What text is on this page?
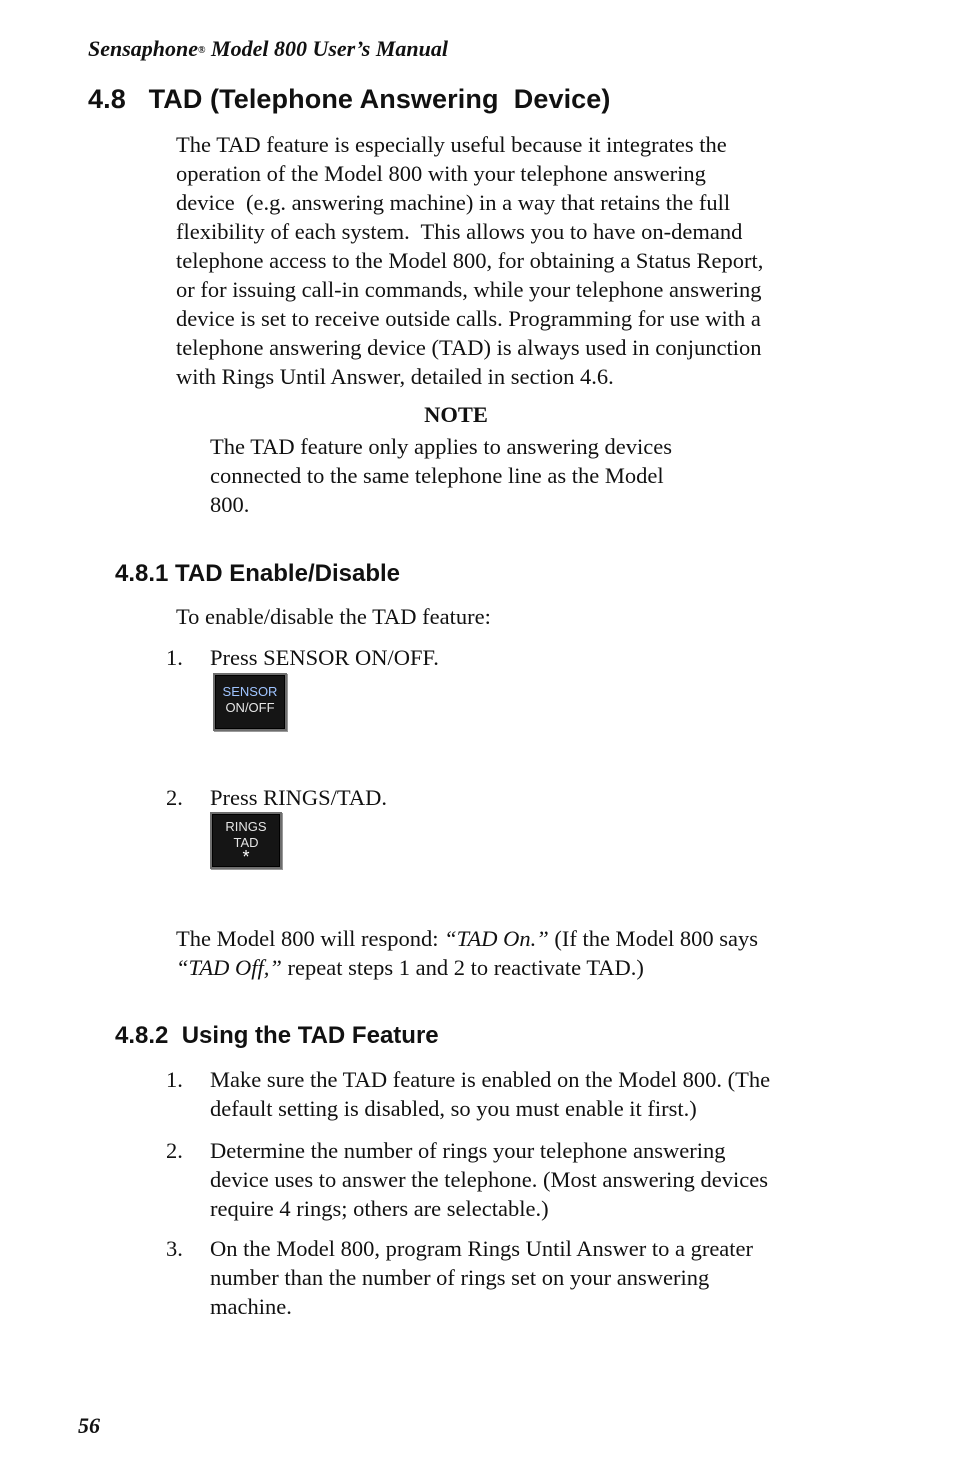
Sensaphone® Model 800 User’s Manual
4.8   TAD (Telephone Answering  Device)
The TAD feature is especially useful because it integrates the
operation of the Model 800 with your telephone answering
device  (e.g. answering machine) in a way that retains the full
flexibility of each system.  This allows you to have on-demand
telephone access to the Model 800, for obtaining a Status Report,
or for issuing call-in commands, while your telephone answering
device is set to receive outside calls. Programming for use with a
telephone answering device (TAD) is always used in conjunction
with Rings Until Answer, detailed in section 4.6.
NOTE
The TAD feature only applies to answering devices
connected to the same telephone line as the Model
800.
4.8.1 TAD Enable/Disable
To enable/disable the TAD feature:
1. Press SENSOR ON/OFF.
SENSOR
ON/OFF
2. Press RINGS/TAD.
RINGS
TAD
*
The Model 800 will respond: “TAD On.” (If the Model 800 says
“TAD Off,” repeat steps 1 and 2 to reactivate TAD.)
4.8.2  Using the TAD Feature
1. Make sure the TAD feature is enabled on the Model 800. (The
default setting is disabled, so you must enable it first.)
2. Determine the number of rings your telephone answering
device uses to answer the telephone. (Most answering devices
require 4 rings; others are selectable.)
3. On the Model 800, program Rings Until Answer to a greater
number than the number of rings set on your answering
machine.
56
